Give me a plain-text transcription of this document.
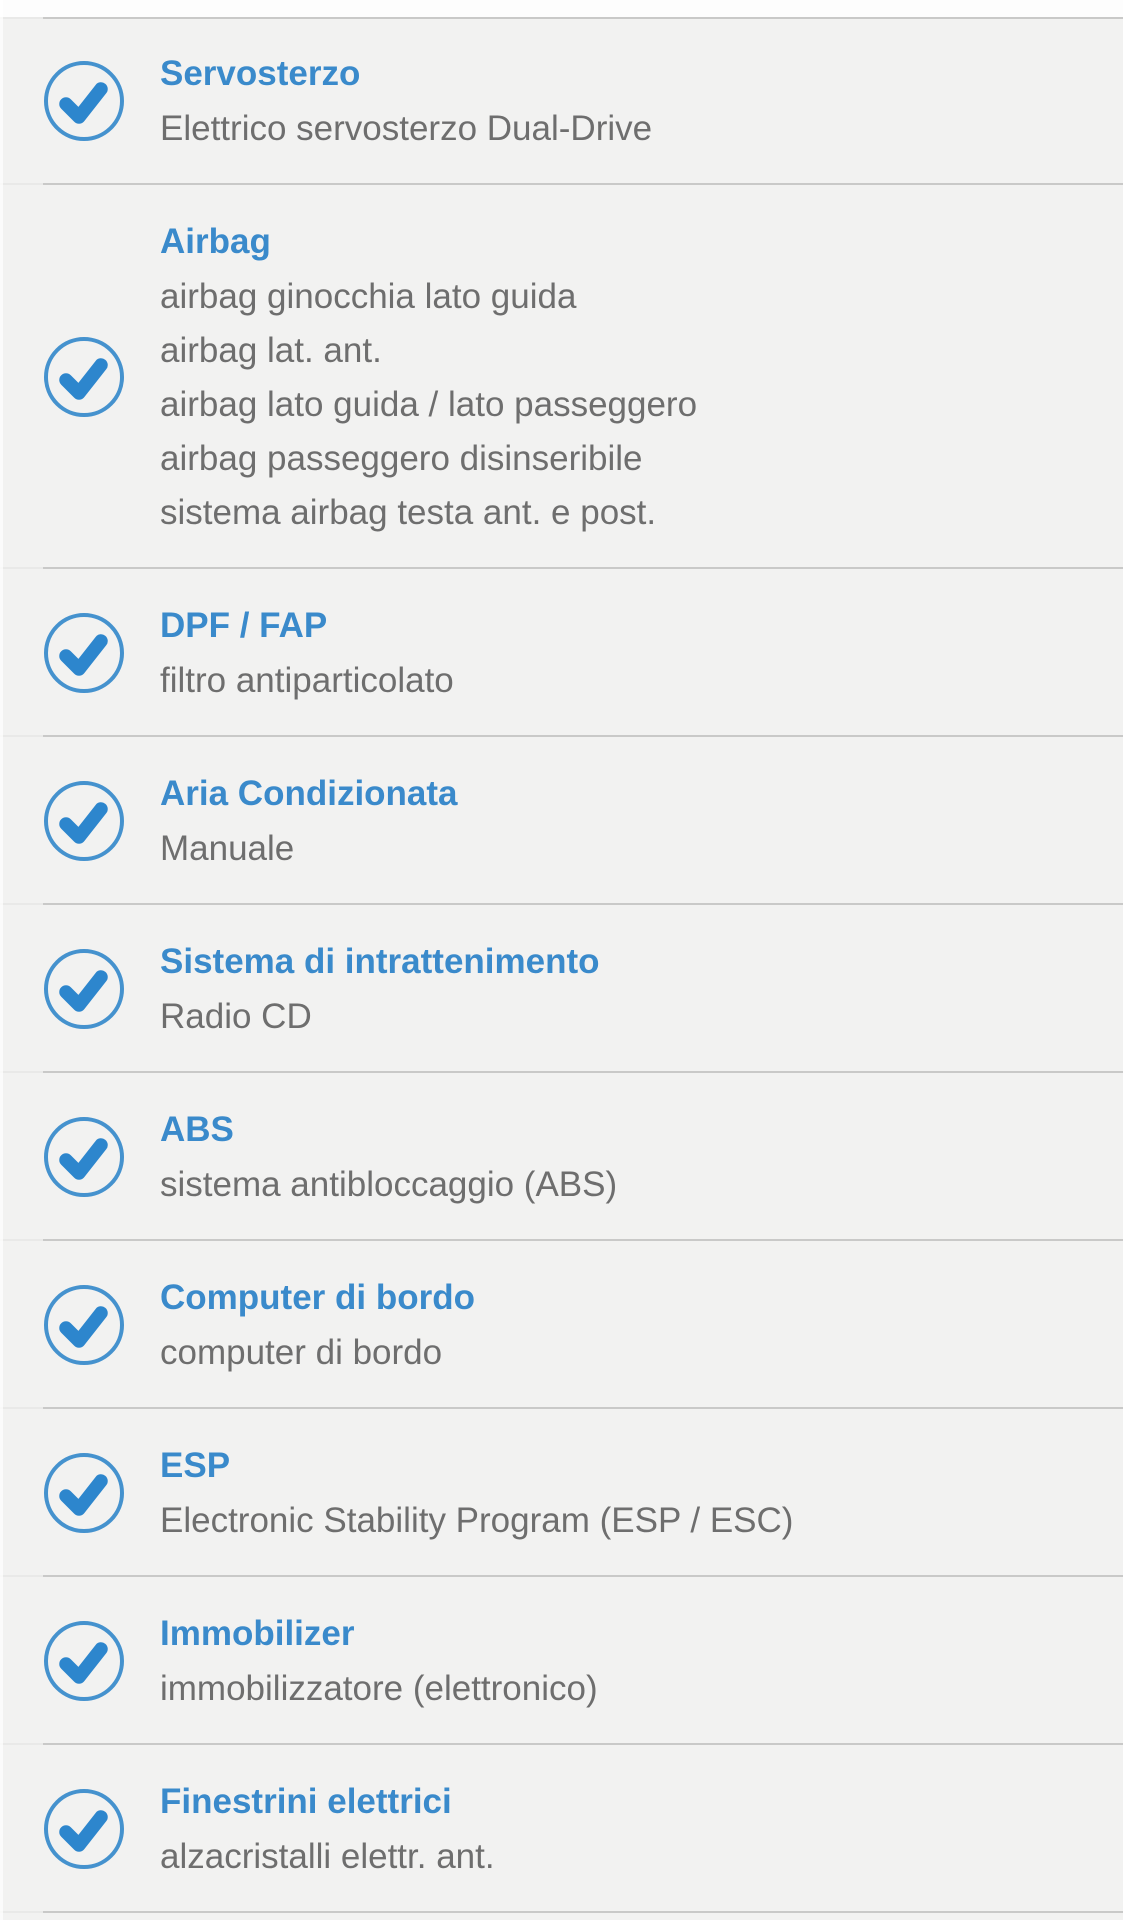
Servosterzo
Elettrico servosterzo Dual-Drive
Airbag
airbag ginocchia lato guida
airbag lat. ant.
airbag lato guida / lato passeggero
airbag passeggero disinseribile
sistema airbag testa ant. e post.
DPF / FAP
filtro antiparticolato
Aria Condizionata
Manuale
Sistema di intrattenimento
Radio CD
ABS
sistema antibloccaggio (ABS)
Computer di bordo
computer di bordo
ESP
Electronic Stability Program (ESP / ESC)
Immobilizer
immobilizzatore (elettronico)
Finestrini elettrici
alzacristalli elettr. ant.
